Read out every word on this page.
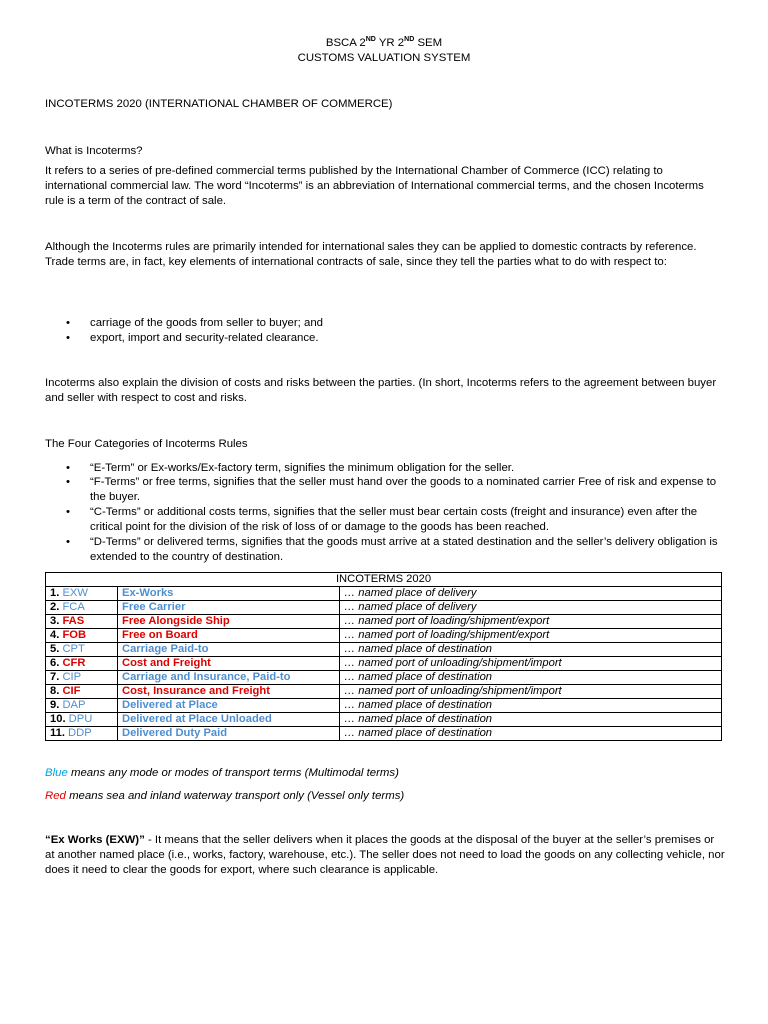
BSCA 2ND YR 2ND SEM
CUSTOMS VALUATION SYSTEM
INCOTERMS 2020 (INTERNATIONAL CHAMBER OF COMMERCE)
What is Incoterms?

It refers to a series of pre-defined commercial terms published by the International Chamber of Commerce (ICC) relating to international commercial law. The word “Incoterms” is an abbreviation of International commercial terms, and the chosen Incoterms rule is a term of the contract of sale.

Although the Incoterms rules are primarily intended for international sales they can be applied to domestic contracts by reference. Trade terms are, in fact, key elements of international contracts of sale, since they tell the parties what to do with respect to:

• carriage of the goods from seller to buyer; and
• export, import and security-related clearance.

Incoterms also explain the division of costs and risks between the parties. (In short, Incoterms refers to the agreement between buyer and seller with respect to cost and risks.

The Four Categories of Incoterms Rules
• “E-Term” or Ex-works/Ex-factory term, signifies the minimum obligation for the seller.
• “F-Terms” or free terms, signifies that the seller must hand over the goods to a nominated carrier Free of risk and expense to the buyer.
• “C-Terms” or additional costs terms, signifies that the seller must bear certain costs (freight and insurance) even after the critical point for the division of the risk of loss of or damage to the goods has been reached.
• “D-Terms” or delivered terms, signifies that the goods must arrive at a stated destination and the seller’s delivery obligation is extended to the country of destination.
INCOTERMS 2020		
1. EXW	Ex-Works	… named place of delivery
2. FCA	Free Carrier	… named place of delivery
3. FAS	Free Alongside Ship	… named port of loading/shipment/export
4. FOB	Free on Board	… named port of loading/shipment/export
5. CPT	Carriage Paid-to	… named place of destination
6. CFR	Cost and Freight	… named port of unloading/shipment/import
7. CIP	Carriage and Insurance, Paid-to	… named place of destination
8. CIF	Cost, Insurance and Freight	… named port of unloading/shipment/import
9. DAP	Delivered at Place	… named place of destination
10. DPU	Delivered at Place Unloaded	… named place of destination
11. DDP	Delivered Duty Paid	… named place of destination

Blue means any mode or modes of transport terms (Multimodal terms)

Red means sea and inland waterway transport only (Vessel only terms)

“Ex Works (EXW)” - It means that the seller delivers when it places the goods at the disposal of the buyer at the seller’s premises or at another named place (i.e., works, factory, warehouse, etc.). The seller does not need to load the goods on any collecting vehicle, nor does it need to clear the goods for export, where such clearance is applicable.
